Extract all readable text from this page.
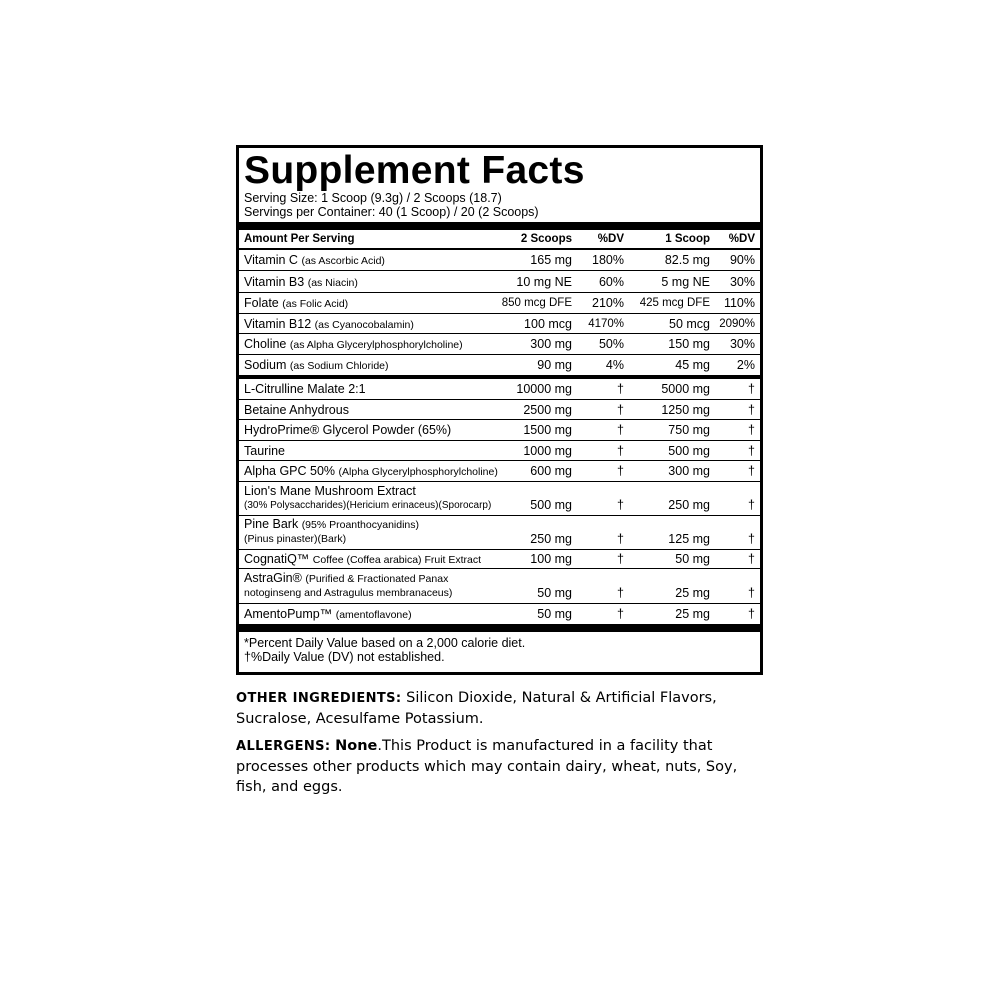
Supplement Facts
Serving Size: 1 Scoop (9.3g) / 2 Scoops (18.7)
Servings per Container: 40 (1 Scoop) / 20 (2 Scoops)
Amount Per Serving	2 Scoops	%DV	1 Scoop	%DV
Vitamin C (as Ascorbic Acid)	165 mg	180%	82.5 mg	90%
Vitamin B3 (as Niacin)	10 mg NE	60%	5 mg NE	30%
Folate (as Folic Acid)	850 mcg DFE	210%	425 mcg DFE	110%
Vitamin B12 (as Cyanocobalamin)	100 mcg	4170%	50 mcg 2090%
Choline (as Alpha Glycerylphosphorylcholine)	300 mg	50%	150 mg	30%
Sodium (as Sodium Chloride)	90 mg	4%	45 mg	2%
L-Citrulline Malate 2:1	10000 mg	†	5000 mg	†
Betaine Anhydrous	2500 mg	†	1250 mg	†
HydroPrime® Glycerol Powder (65%)	1500 mg	†	750 mg	†
Taurine	1000 mg	†	500 mg	†
Alpha GPC 50% (Alpha Glycerylphosphorylcholine)	600 mg	†	300 mg	†
Lion's Mane Mushroom Extract
(30% Polysaccharides)(Hericium erinaceus)(Sporocarp)	500 mg	†	250 mg	†
Pine Bark (95% Proanthocyanidins)
(Pinus pinaster)(Bark)	250 mg	†	125 mg	†
CognatiQ™ Coffee (Coffea arabica) Fruit Extract	100 mg	†	50 mg	†
AstraGin® (Purified & Fractionated Panax
notoginseng and Astragulus membranaceus)	50 mg	†	25 mg	†
AmentoPump™ (amentoflavone)	50 mg	†	25 mg	†
*Percent Daily Value based on a 2,000 calorie diet.
†%Daily Value (DV) not established.
OTHER INGREDIENTS: Silicon Dioxide, Natural & Artificial Flavors, Sucralose, Acesulfame Potassium.
ALLERGENS: None.This Product is manufactured in a facility that processes other products which may contain dairy, wheat, nuts, Soy, fish, and eggs.
